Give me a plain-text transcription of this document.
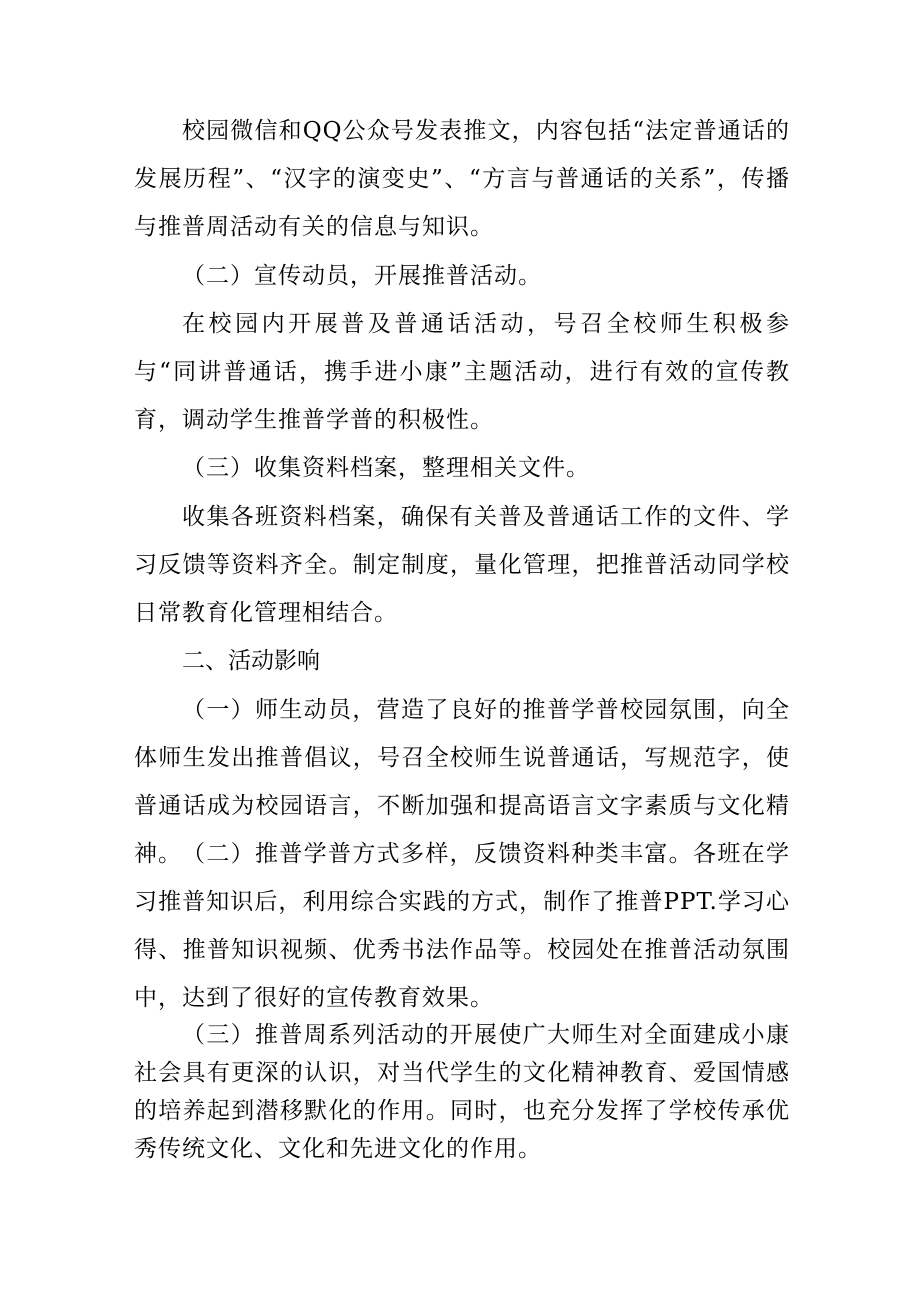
校园微信和QQ公众号发表推文，内容包括“法定普通话的发展历程”、“汉字的演变史”、“方言与普通话的关系”，传播与推普周活动有关的信息与知识。

（二）宣传动员，开展推普活动。

在校园内开展普及普通话活动，号召全校师生积极参与“同讲普通话，携手进小康”主题活动，进行有效的宣传教育，调动学生推普学普的积极性。

（三）收集资料档案，整理相关文件。

收集各班资料档案，确保有关普及普通话工作的文件、学习反馈等资料齐全。制定制度，量化管理，把推普活动同学校日常教育化管理相结合。

二、活动影响

（一）师生动员，营造了良好的推普学普校园氛围，向全体师生发出推普倡议，号召全校师生说普通话，写规范字，使普通话成为校园语言，不断加强和提高语言文字素质与文化精神。 （二）推普学普方式多样，反馈资料种类丰富。各班在学习推普知识后，利用综合实践的方式，制作了推普PPT.学习心得、推普知识视频、优秀书法作品等。校园处在推普活动氛围中，达到了很好的宣传教育效果。

（三）推普周系列活动的开展使广大师生对全面建成小康社会具有更深的认识，对当代学生的文化精神教育、爱国情感的培养起到潜移默化的作用。同时，也充分发挥了学校传承优秀传统文化、文化和先进文化的作用。
